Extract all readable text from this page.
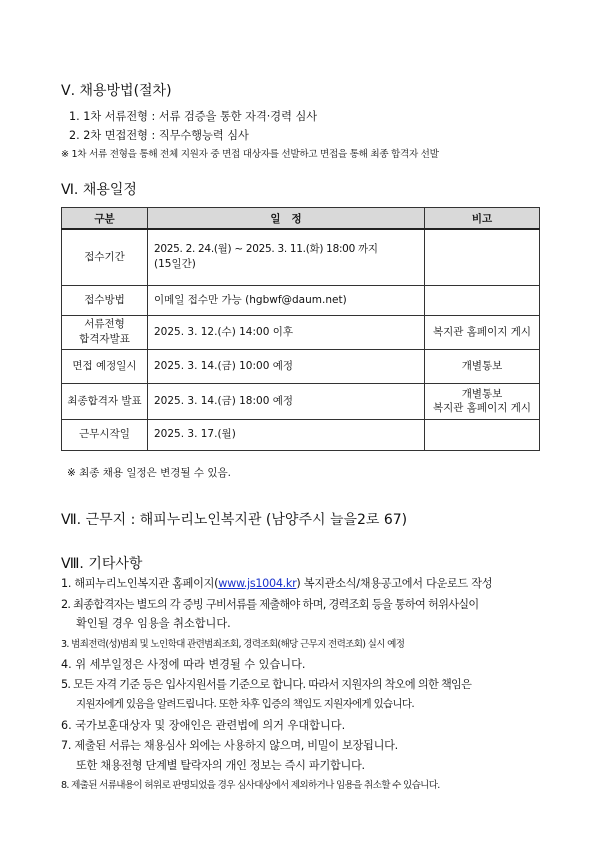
Ⅴ. 채용방법(절차)
1. 1차 서류전형 : 서류 검증을 통한 자격·경력 심사
2. 2차 면접전형 : 직무수행능력 심사
※ 1차 서류 전형을 통해 전체 지원자 중 면접 대상자를 선발하고 면접을 통해 최종 합격자 선발
Ⅵ. 채용일정
구분	일   정	비고
접수기간	2025. 2. 24.(월) ~ 2025. 3. 11.(화) 18:00 까지
(15일간)	

접수방법	이메일 접수만 가능 (hgbwf@daum.net)	

서류전형
합격자발표	2025. 3. 12.(수) 14:00 이후	복지관 홈페이지 게시
면접 예정일시	2025. 3. 14.(금) 10:00 예정	개별통보
최종합격자 발표	2025. 3. 14.(금) 18:00 예정	개별통보
복지관 홈페이지 게시

근무시작일	2025. 3. 17.(월)	
※ 최종 채용 일정은 변경될 수 있음.
Ⅶ. 근무지 : 해피누리노인복지관 (남양주시 늘을2로 67)
Ⅷ. 기타사항
1. 해피누리노인복지관 홈페이지(www.js1004.kr) 복지관소식/채용공고에서 다운로드 작성
2. 최종합격자는 별도의 각 증빙 구비서류를 제출해야 하며, 경력조회 등을 통하여 허위사실이
확인될 경우 임용을 취소합니다.
3. 범죄전력(성)범죄 및 노인학대 관련범죄조회, 경력조회(해당 근무지 전력조회) 실시 예정
4. 위 세부일정은 사정에 따라 변경될 수 있습니다.
5. 모든 자격 기준 등은 입사지원서를 기준으로 합니다. 따라서 지원자의 착오에 의한 책임은
지원자에게 있음을 알려드립니다. 또한 차후 입증의 책임도 지원자에게 있습니다.
6. 국가보훈대상자 및 장애인은 관련법에 의거 우대합니다.
7. 제출된 서류는 채용심사 외에는 사용하지 않으며, 비밀이 보장됩니다.
또한 채용전형 단계별 탈락자의 개인 정보는 즉시 파기합니다.
8. 제출된 서류내용이 허위로 판명되었을 경우 심사대상에서 제외하거나 임용을 취소할 수 있습니다.
